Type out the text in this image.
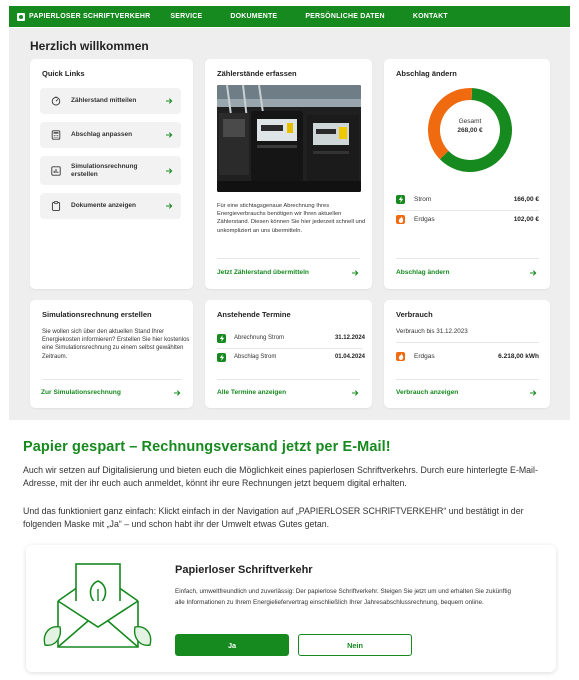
PAPIERLOSER SCHRIFTVERKEHR	SERVICE	DOKUMENTE	PERSÖNLICHE DATEN	KONTAKT
Herzlich willkommen
Quick Links
Zählerstand mitteilen
Abschlag anpassen
Simulationsrechnung
erstellen
Dokumente anzeigen
Zählerstände erfassen
Für eine stichtagsgenaue Abrechnung Ihres Energieverbrauchs benötigen wir Ihren aktuellen Zählerstand. Diesen können Sie hier jederzeit schnell und unkompliziert an uns übermitteln.
Jetzt Zählerstand übermitteln
Abschlag ändern
Gesamt
268,00 €
Strom	166,00 €
Erdgas	102,00 €
Abschlag ändern
Simulationsrechnung erstellen
Sie wollen sich über den aktuellen Stand Ihrer Energiekosten informieren? Erstellen Sie hier kostenlos eine Simulationsrechnung zu einem selbst gewählten Zeitraum.
Zur Simulationsrechnung
Anstehende Termine
Abrechnung Strom	31.12.2024
Abschlag Strom	01.04.2024
Alle Termine anzeigen
Verbrauch
Verbrauch bis 31.12.2023
Erdgas	6.218,00 kWh
Verbrauch anzeigen
Papier gespart – Rechnungsversand jetzt per E-Mail!
Auch wir setzen auf Digitalisierung und bieten euch die Möglichkeit eines papierlosen Schriftverkehrs. Durch eure hinterlegte E-Mail-Adresse, mit der ihr euch auch anmeldet, könnt ihr eure Rechnungen jetzt bequem digital erhalten.
Und das funktioniert ganz einfach: Klickt einfach in der Navigation auf „PAPIERLOSER SCHRIFTVERKEHR“ und bestätigt in der folgenden Maske mit „Ja“ – und schon habt ihr der Umwelt etwas Gutes getan.
Papierloser Schriftverkehr
Einfach, umweltfreundlich und zuverlässig: Der papierlose Schriftverkehr. Steigen Sie jetzt um und erhalten Sie zukünftig alle Informationen zu Ihrem Energieliefervertrag einschließlich Ihrer Jahresabschlussrechnung, bequem online.
Ja	Nein
